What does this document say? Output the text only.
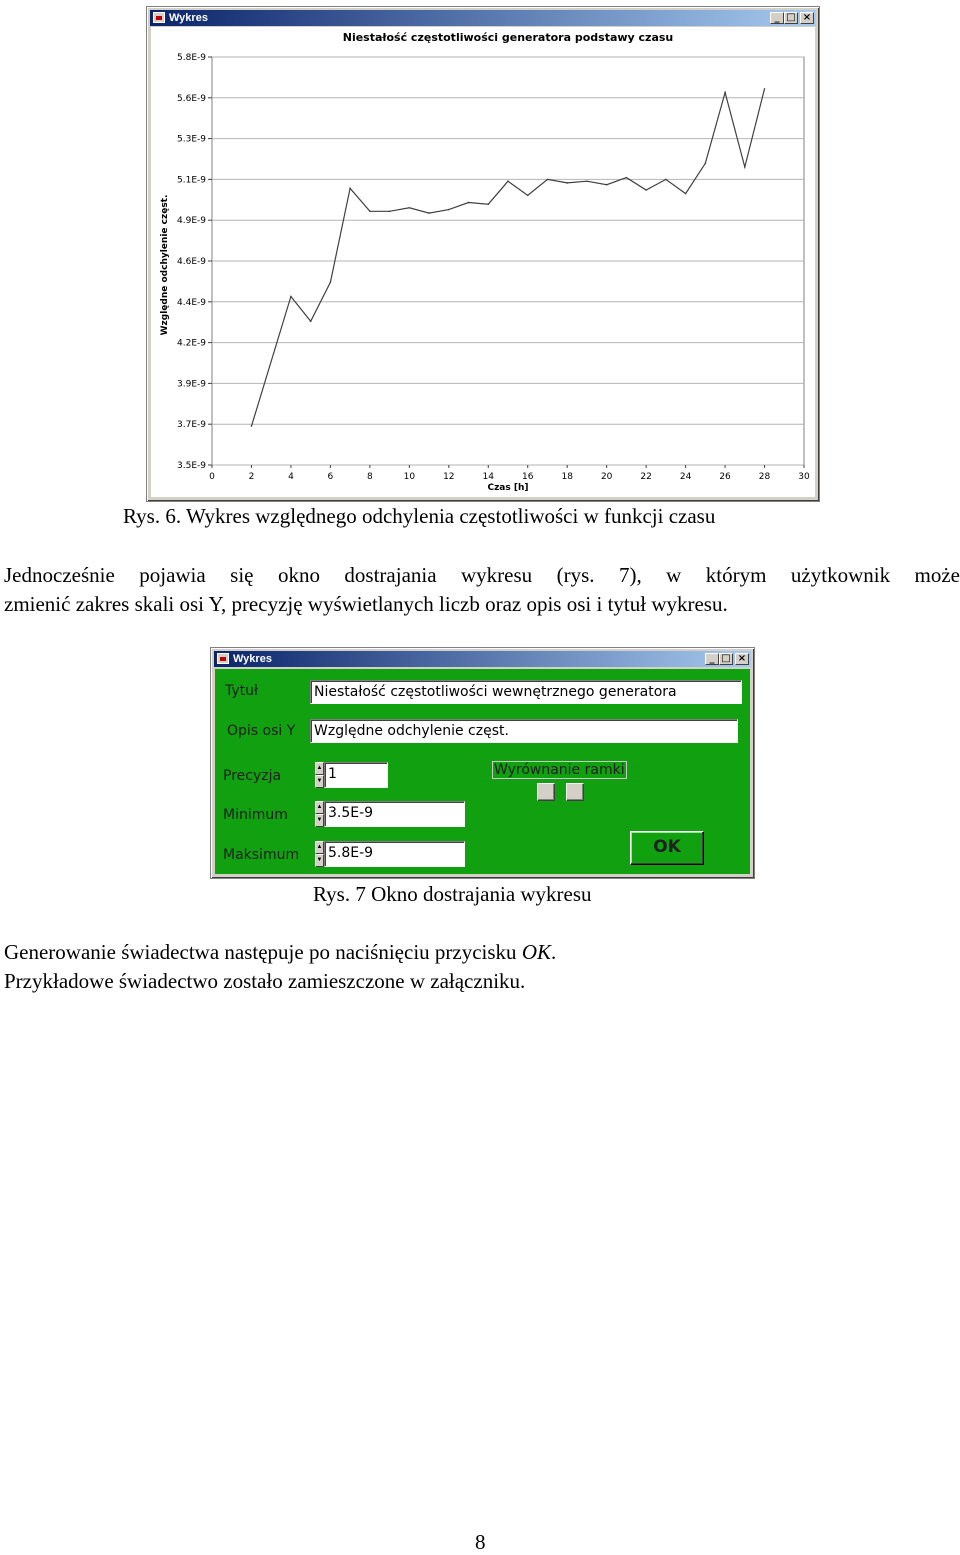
Wykres	_ □ ×
3.5E-9
3.7E-9
3.9E-9
4.2E-9
4.4E-9
4.6E-9
4.9E-9
5.1E-9
5.3E-9
5.6E-9
5.8E-9
0	2	4	6	8	10	12	14	16	18	20	22	24	26	28	30
Niestałość częstotliwości generatora podstawy czasu
Czas [h]
Względne odchylenie częst.
Rys. 6. Wykres względnego odchylenia częstotliwości w funkcji czasu
Jednocześnie pojawia się okno dostrajania wykresu (rys. 7), w którym użytkownik może
zmienić zakres skali osi Y, precyzję wyświetlanych liczb oraz opis osi i tytuł wykresu.
Wykres	_ □ ×
Tytuł	Niestałość częstotliwości wewnętrznego generatora
Opis osi Y Względne odchylenie częst.
Precyzja	▲
▼ 1
Minimum	▲
▼ 3.5E-9
Maksimum	▲
▼ 5.8E-9
Wyrównanie ramki
OK
Rys. 7 Okno dostrajania wykresu
Generowanie świadectwa następuje po naciśnięciu przycisku OK.
Przykładowe świadectwo zostało zamieszczone w załączniku.
8
